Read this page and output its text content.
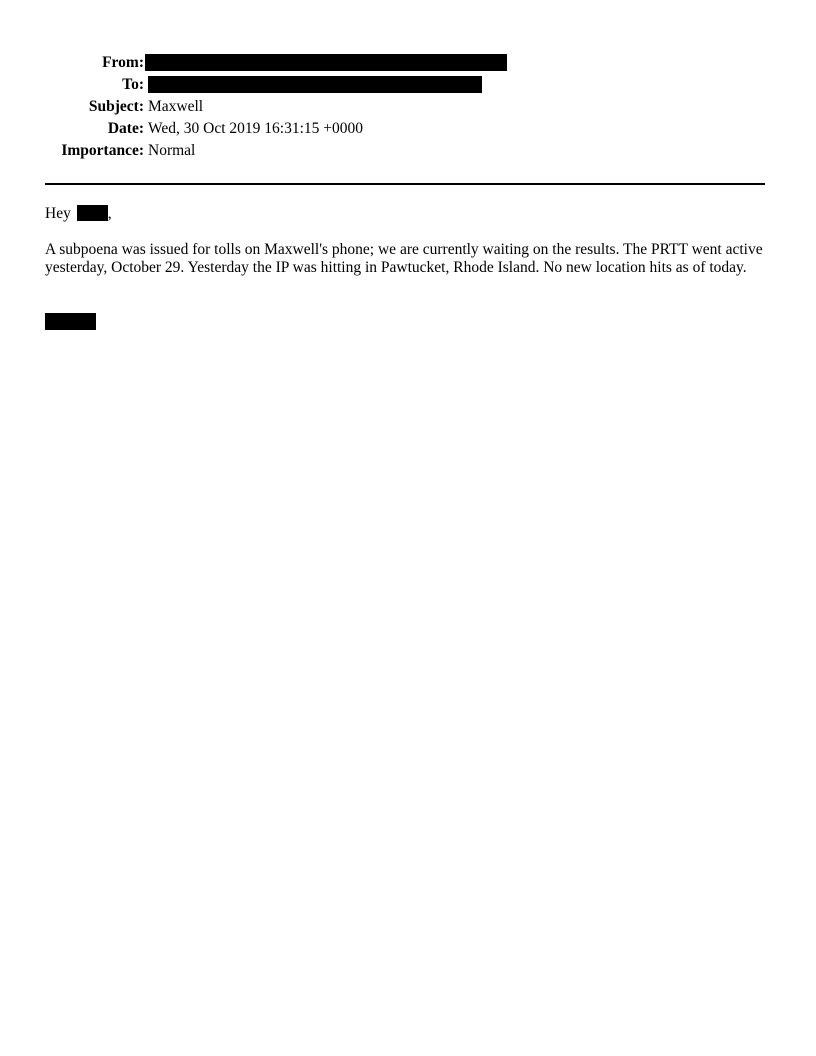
From:
To:
Subject: Maxwell
Date: Wed, 30 Oct 2019 16:31:15 +0000
Importance: Normal
Hey ,
A subpoena was issued for tolls on Maxwell's phone; we are currently waiting on the results. The PRTT went active yesterday, October 29. Yesterday the IP was hitting in Pawtucket, Rhode Island. No new location hits as of today.
